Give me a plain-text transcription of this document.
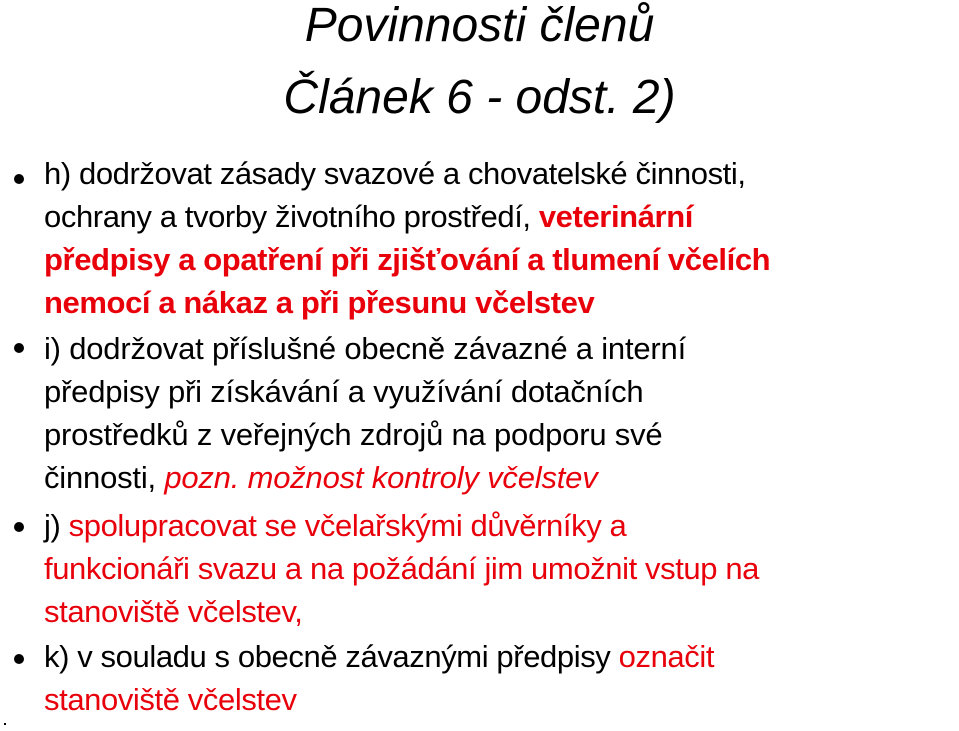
Povinnosti členů
Článek 6 - odst. 2)
h) dodržovat zásady svazové a chovatelské činnosti,
ochrany a tvorby životního prostředí, veterinární
předpisy a opatření při zjišťování a tlumení včelích
nemocí a nákaz a při přesunu včelstev
i) dodržovat příslušné obecně závazné a interní
předpisy při získávání a využívání dotačních
prostředků z veřejných zdrojů na podporu své
činnosti, pozn. možnost kontroly včelstev
j) spolupracovat se včelařskými důvěrníky a
funkcionáři svazu a na požádání jim umožnit vstup na
stanoviště včelstev,
k) v souladu s obecně závaznými předpisy označit
stanoviště včelstev
